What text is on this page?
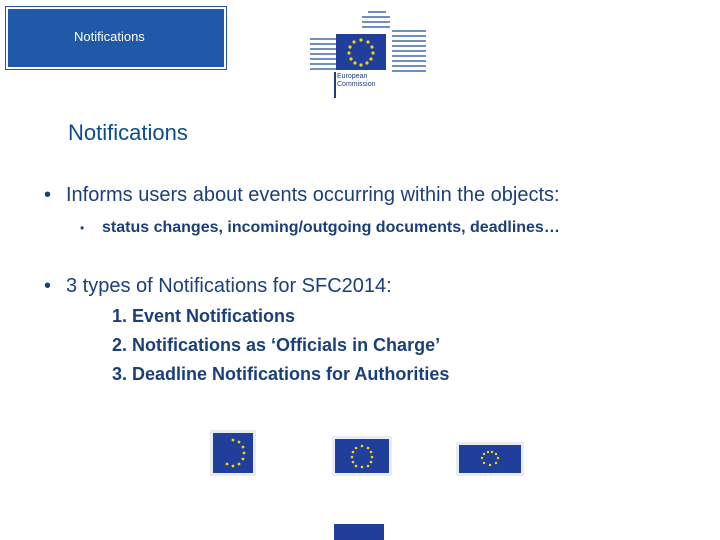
Notifications
European
Commission
Notifications
• Informs users about events occurring within the objects:
• status changes, incoming/outgoing documents, deadlines…
• 3 types of Notifications for SFC2014:
1. Event Notifications
2. Notifications as ‘Officials in Charge’
3. Deadline Notifications for Authorities
